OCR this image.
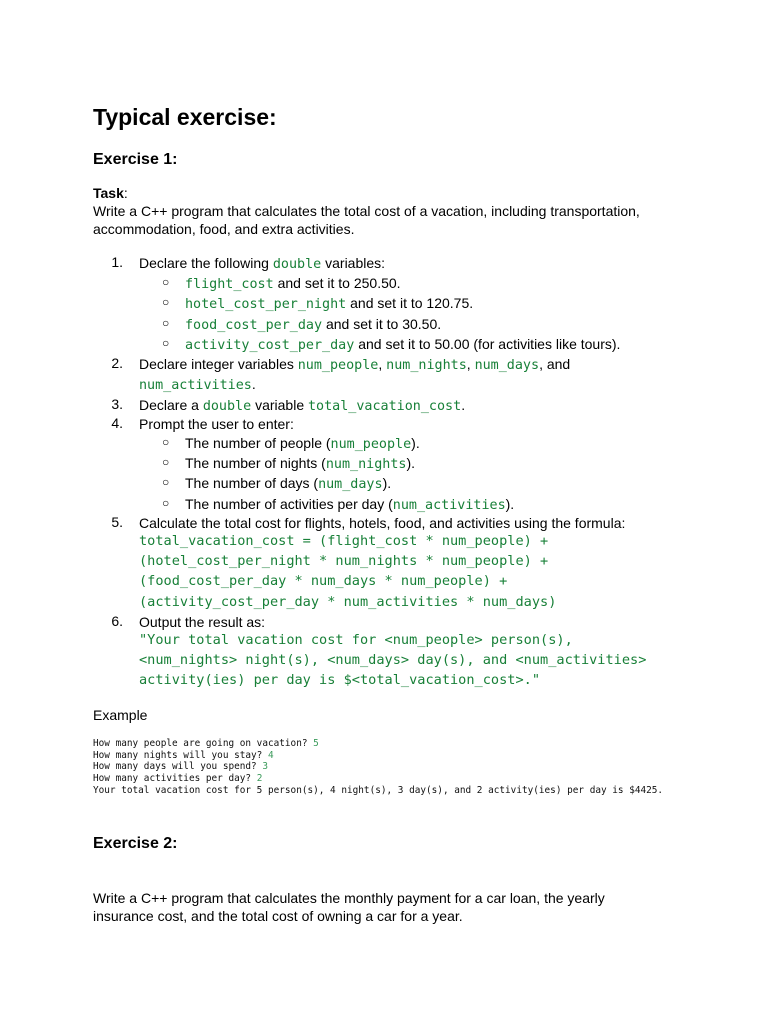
Typical exercise:
Exercise 1:
Task:
Write a C++ program that calculates the total cost of a vacation, including transportation,
accommodation, food, and extra activities.
1. Declare the following double variables:
○ flight_cost and set it to 250.50.
○ hotel_cost_per_night and set it to 120.75.
○ food_cost_per_day and set it to 30.50.
○ activity_cost_per_day and set it to 50.00 (for activities like tours).
2. Declare integer variables num_people, num_nights, num_days, and
num_activities.
3. Declare a double variable total_vacation_cost.
4. Prompt the user to enter:
○ The number of people (num_people).
○ The number of nights (num_nights).
○ The number of days (num_days).
○ The number of activities per day (num_activities).
5. Calculate the total cost for flights, hotels, food, and activities using the formula:
total_vacation_cost = (flight_cost * num_people) +
(hotel_cost_per_night * num_nights * num_people) +
(food_cost_per_day * num_days * num_people) +
(activity_cost_per_day * num_activities * num_days)
6. Output the result as:
"Your total vacation cost for <num_people> person(s),
<num_nights> night(s), <num_days> day(s), and <num_activities>
activity(ies) per day is $<total_vacation_cost>."
Example
How many people are going on vacation? 5
How many nights will you stay? 4
How many days will you spend? 3
How many activities per day? 2
Your total vacation cost for 5 person(s), 4 night(s), 3 day(s), and 2 activity(ies) per day is $4425.
Exercise 2:
Write a C++ program that calculates the monthly payment for a car loan, the yearly
insurance cost, and the total cost of owning a car for a year.
